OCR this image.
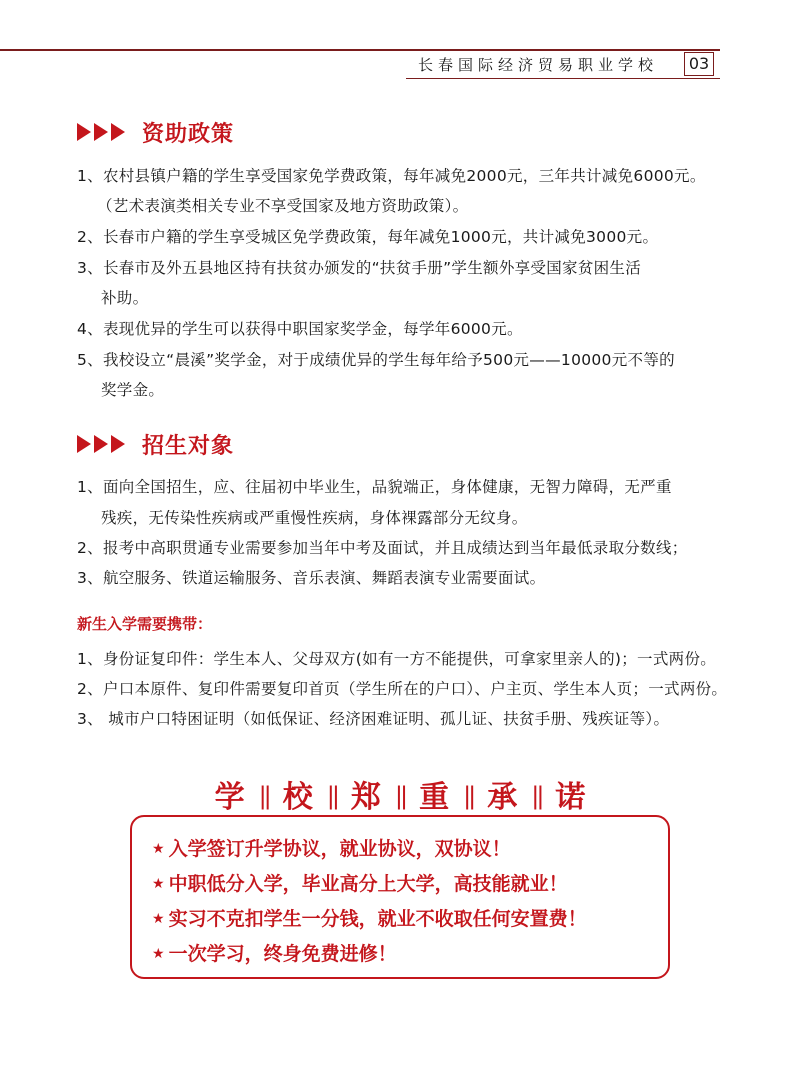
长春国际经济贸易职业学校	03
资助政策
1、农村县镇户籍的学生享受国家免学费政策，每年减免2000元，三年共计减免6000元。
（艺术表演类相关专业不享受国家及地方资助政策）。
2、长春市户籍的学生享受城区免学费政策，每年减免1000元，共计减免3000元。
3、长春市及外五县地区持有扶贫办颁发的“扶贫手册”学生额外享受国家贫困生活
补助。
4、表现优异的学生可以获得中职国家奖学金，每学年6000元。
5、我校设立“晨溪”奖学金，对于成绩优异的学生每年给予500元——10000元不等的
奖学金。
招生对象
1、面向全国招生，应、往届初中毕业生，品貌端正，身体健康，无智力障碍，无严重
残疾，无传染性疾病或严重慢性疾病，身体裸露部分无纹身。
2、报考中高职贯通专业需要参加当年中考及面试，并且成绩达到当年最低录取分数线；
3、航空服务、铁道运输服务、音乐表演、舞蹈表演专业需要面试。
新生入学需要携带：
1、身份证复印件：学生本人、父母双方(如有一方不能提供，可拿家里亲人的)；一式两份。
2、户口本原件、复印件需要复印首页（学生所在的户口）、户主页、学生本人页；一式两份。
3、 城市户口特困证明（如低保证、经济困难证明、孤儿证、扶贫手册、残疾证等）。
学 || 校 || 郑 || 重 || 承 || 诺
★ 入学签订升学协议，就业协议，双协议！
★ 中职低分入学，毕业高分上大学，高技能就业！
★ 实习不克扣学生一分钱，就业不收取任何安置费！
★ 一次学习，终身免费进修！
